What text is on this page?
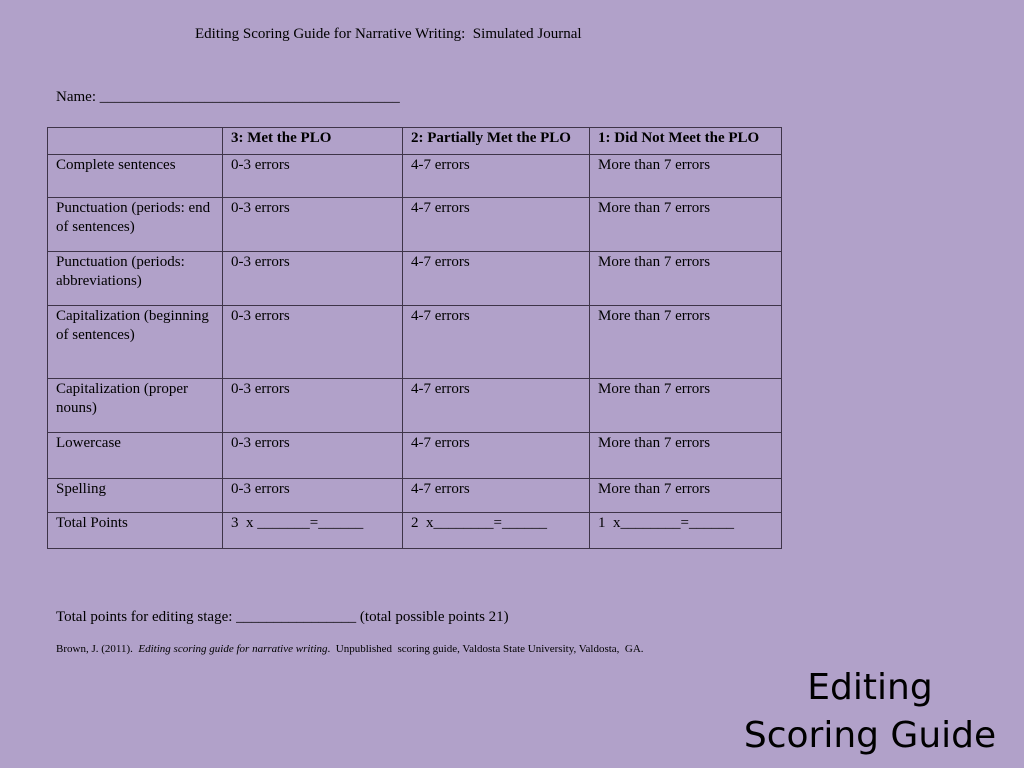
Editing Scoring Guide for Narrative Writing:  Simulated Journal
Name: ________________________________________
	3: Met the PLO	2: Partially Met the PLO	1: Did Not Meet the PLO
Complete sentences	0-3 errors	4-7 errors	More than 7 errors
Punctuation (periods: end of sentences)	0-3 errors	4-7 errors	More than 7 errors
Punctuation (periods: abbreviations)	0-3 errors	4-7 errors	More than 7 errors
Capitalization (beginning of sentences)	0-3 errors	4-7 errors	More than 7 errors
Capitalization (proper nouns)	0-3 errors	4-7 errors	More than 7 errors
Lowercase	0-3 errors	4-7 errors	More than 7 errors
Spelling	0-3 errors	4-7 errors	More than 7 errors
Total Points	3  x _______=______	2  x________=______	1  x________=______
Total points for editing stage: ________________ (total possible points 21)
Brown, J. (2011).  Editing scoring guide for narrative writing.  Unpublished  scoring guide, Valdosta State University, Valdosta,  GA.
Editing
Scoring Guide
